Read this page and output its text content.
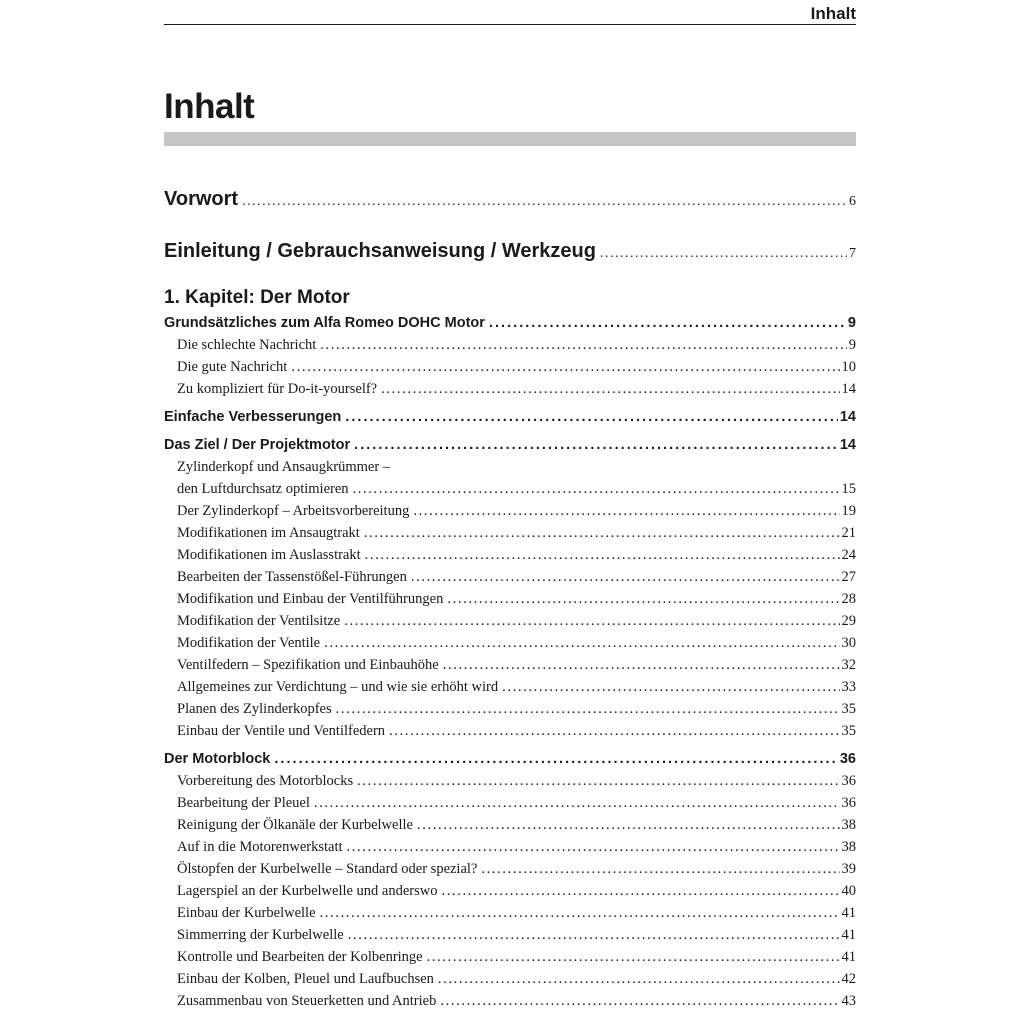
Inhalt
Inhalt
Vorwort . . .	6
Einleitung / Gebrauchsanweisung / Werkzeug . . .	7
1. Kapitel: Der Motor
Grundsätzliches zum Alfa Romeo DOHC Motor . . .	9
Die schlechte Nachricht . . .	9
Die gute Nachricht . . .	10
Zu kompliziert für Do-it-yourself? . . .	14
Einfache Verbesserungen . . .	14
Das Ziel / Der Projektmotor . . .	14
Zylinderkopf und Ansaugkrümmer –
den Luftdurchsatz optimieren . . .	15
Der Zylinderkopf – Arbeitsvorbereitung . . .	19
Modifikationen im Ansaugtrakt . . .	21
Modifikationen im Auslasstrakt . . .	24
Bearbeiten der Tassenstößel-Führungen . . .	27
Modifikation und Einbau der Ventilführungen . . .	28
Modifikation der Ventilsitze . . .	29
Modifikation der Ventile . . .	30
Ventilfedern – Spezifikation und Einbauhöhe . . .	32
Allgemeines zur Verdichtung – und wie sie erhöht wird . . .	33
Planen des Zylinderkopfes . . .	35
Einbau der Ventile und Ventilfedern . . .	35
Der Motorblock . . .	36
Vorbereitung des Motorblocks . . .	36
Bearbeitung der Pleuel . . .	36
Reinigung der Ölkanäle der Kurbelwelle . . .	38
Auf in die Motorenwerkstatt . . .	38
Ölstopfen der Kurbelwelle – Standard oder spezial? . . .	39
Lagerspiel an der Kurbelwelle und anderswo . . .	40
Einbau der Kurbelwelle . . .	41
Simmerring der Kurbelwelle . . .	41
Kontrolle und Bearbeiten der Kolbenringe . . .	41
Einbau der Kolben, Pleuel und Laufbuchsen . . .	42
Zusammenbau von Steuerketten und Antrieb . . .	43
